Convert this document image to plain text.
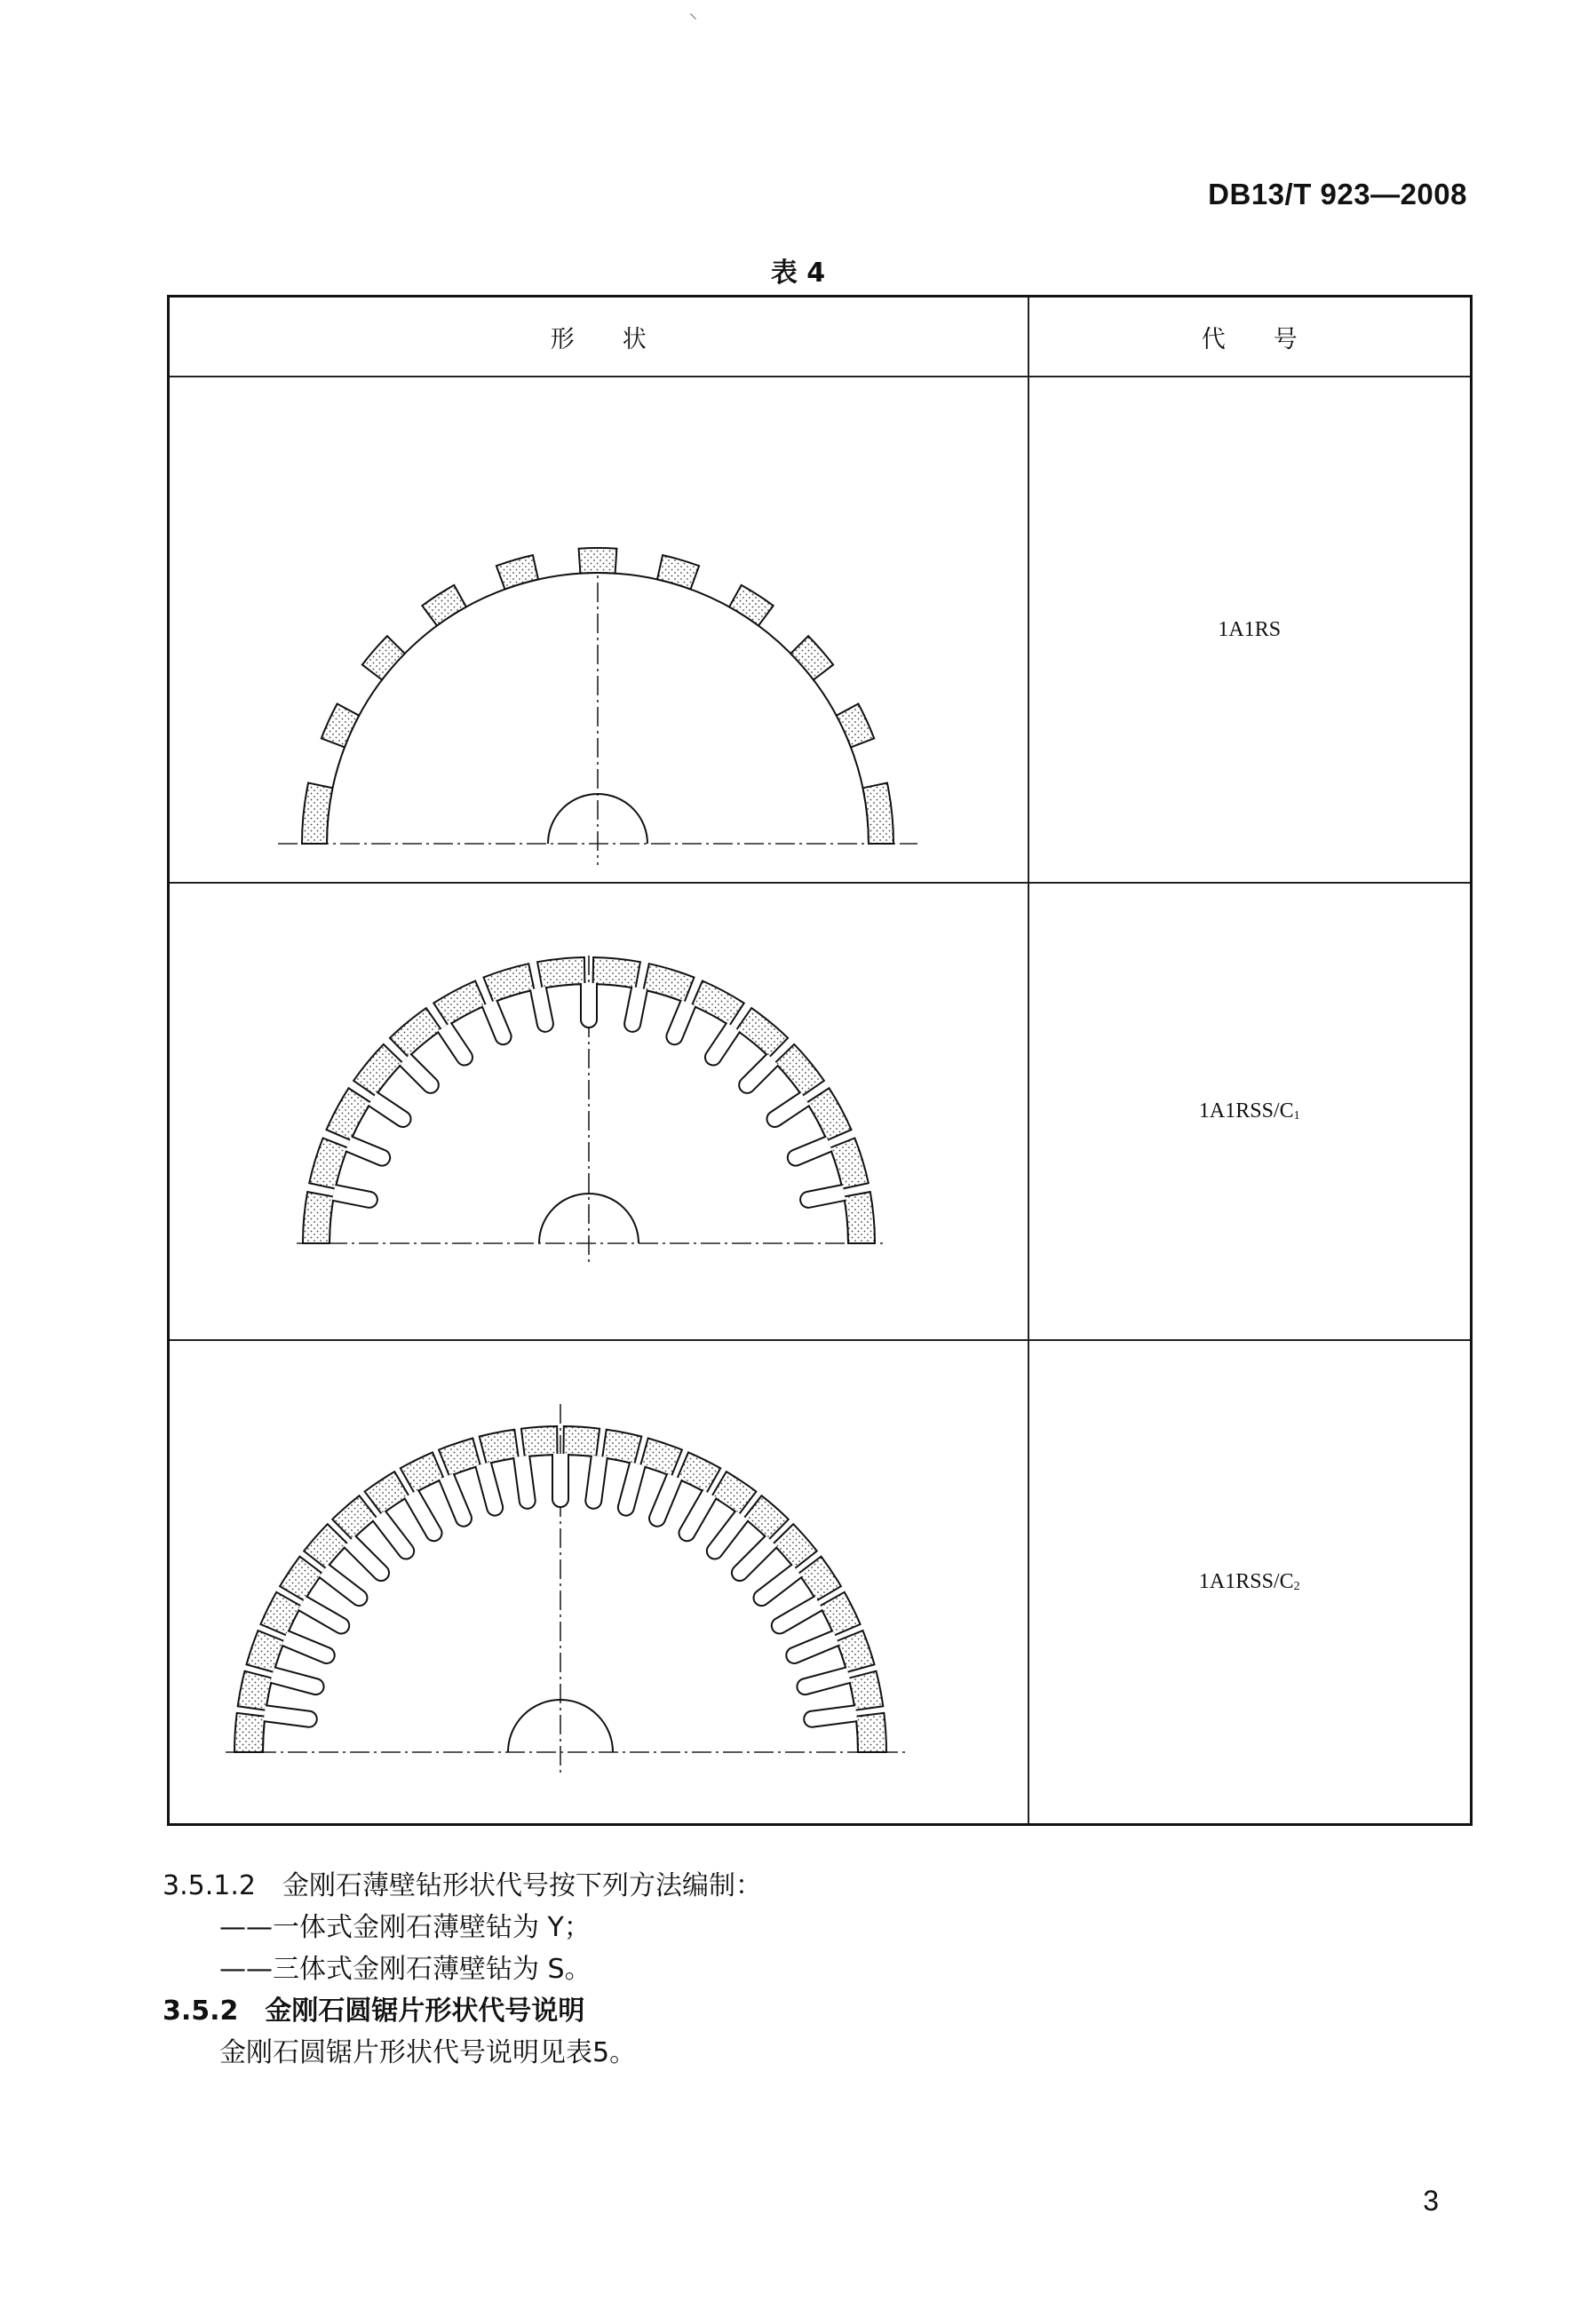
⸌
DB13/T 923—2008
表 4
形　　状	代　　号

	1A1RS

	$1A1RSS/C_1$

	$1A1RSS/C_2$
3.5.1.2　金刚石薄壁钻形状代号按下列方法编制：
——一体式金刚石薄壁钻为 Y；
——三体式金刚石薄壁钻为 S。
3.5.2　 金刚石圆锯片形状代号说明
金刚石圆锯片形状代号说明见表5。
3
